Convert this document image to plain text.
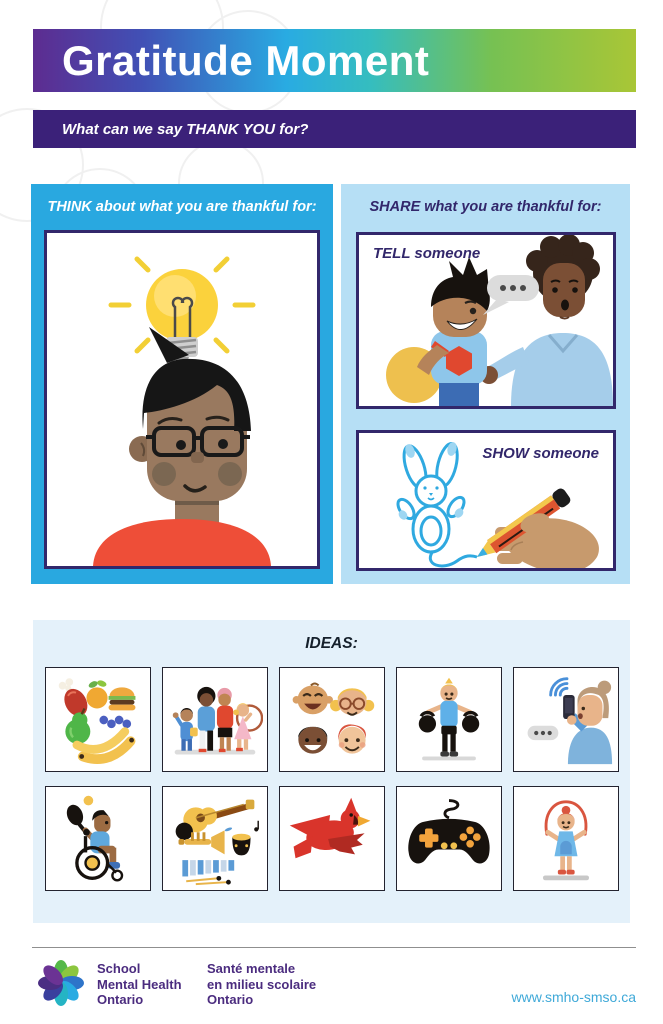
Gratitude Moment
What can we say THANK YOU for?

THINK about what you are thankful for:	SHARE what you are thankful for:

TELL someone
SHOW someone

IDEAS:

School
Mental Health
Ontario
Santé mentale
en milieu scolaire
Ontario	www.smho-smso.ca
